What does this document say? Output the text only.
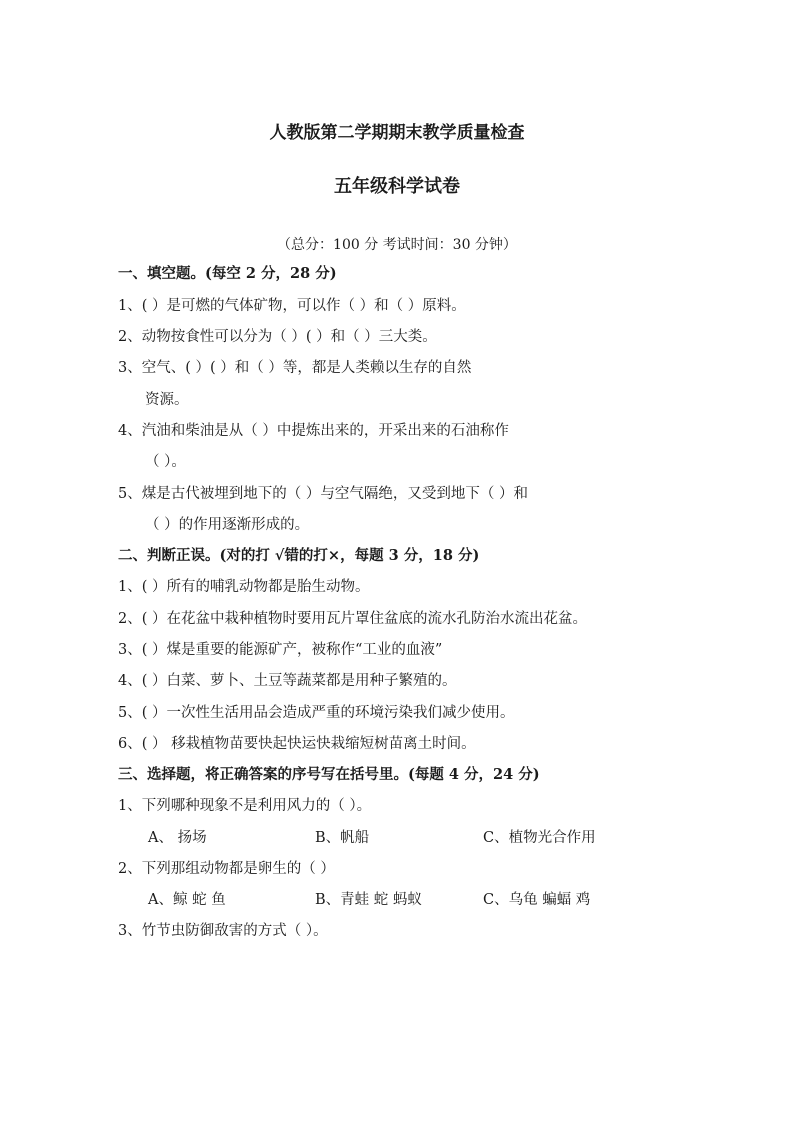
人教版第二学期期末教学质量检查
五年级科学试卷
（总分：100 分 考试时间：30 分钟）
一、填空题。(每空 2 分，28 分)
1、( ）是可燃的气体矿物，可以作（ ）和（ ）原料。
2、动物按食性可以分为（ ）( ）和（ ）三大类。
3、空气、( ）( ）和（ ）等，都是人类赖以生存的自然
资源。
4、汽油和柴油是从（ ）中提炼出来的，开采出来的石油称作
（ ）。
5、煤是古代被埋到地下的（ ）与空气隔绝，又受到地下（ ）和
（ ）的作用逐渐形成的。
二、判断正误。(对的打 √错的打×，每题 3 分，18 分)
1、( ）所有的哺乳动物都是胎生动物。
2、( ）在花盆中栽种植物时要用瓦片罩住盆底的流水孔防治水流出花盆。
3、( ）煤是重要的能源矿产，被称作“工业的血液”
4、( ）白菜、萝卜、土豆等蔬菜都是用种子繁殖的。
5、( ）一次性生活用品会造成严重的环境污染我们减少使用。
6、( ） 移栽植物苗要快起快运快栽缩短树苗离土时间。
三、选择题，将正确答案的序号写在括号里。(每题 4 分，24 分)
1、下列哪种现象不是利用风力的（ ）。
A、 扬场	B、帆船	C、植物光合作用
2、下列那组动物都是卵生的（ ）
A、鲸 蛇 鱼	B、青蛙 蛇 蚂蚁	C、乌龟 蝙蝠 鸡
3、竹节虫防御敌害的方式（ ）。
